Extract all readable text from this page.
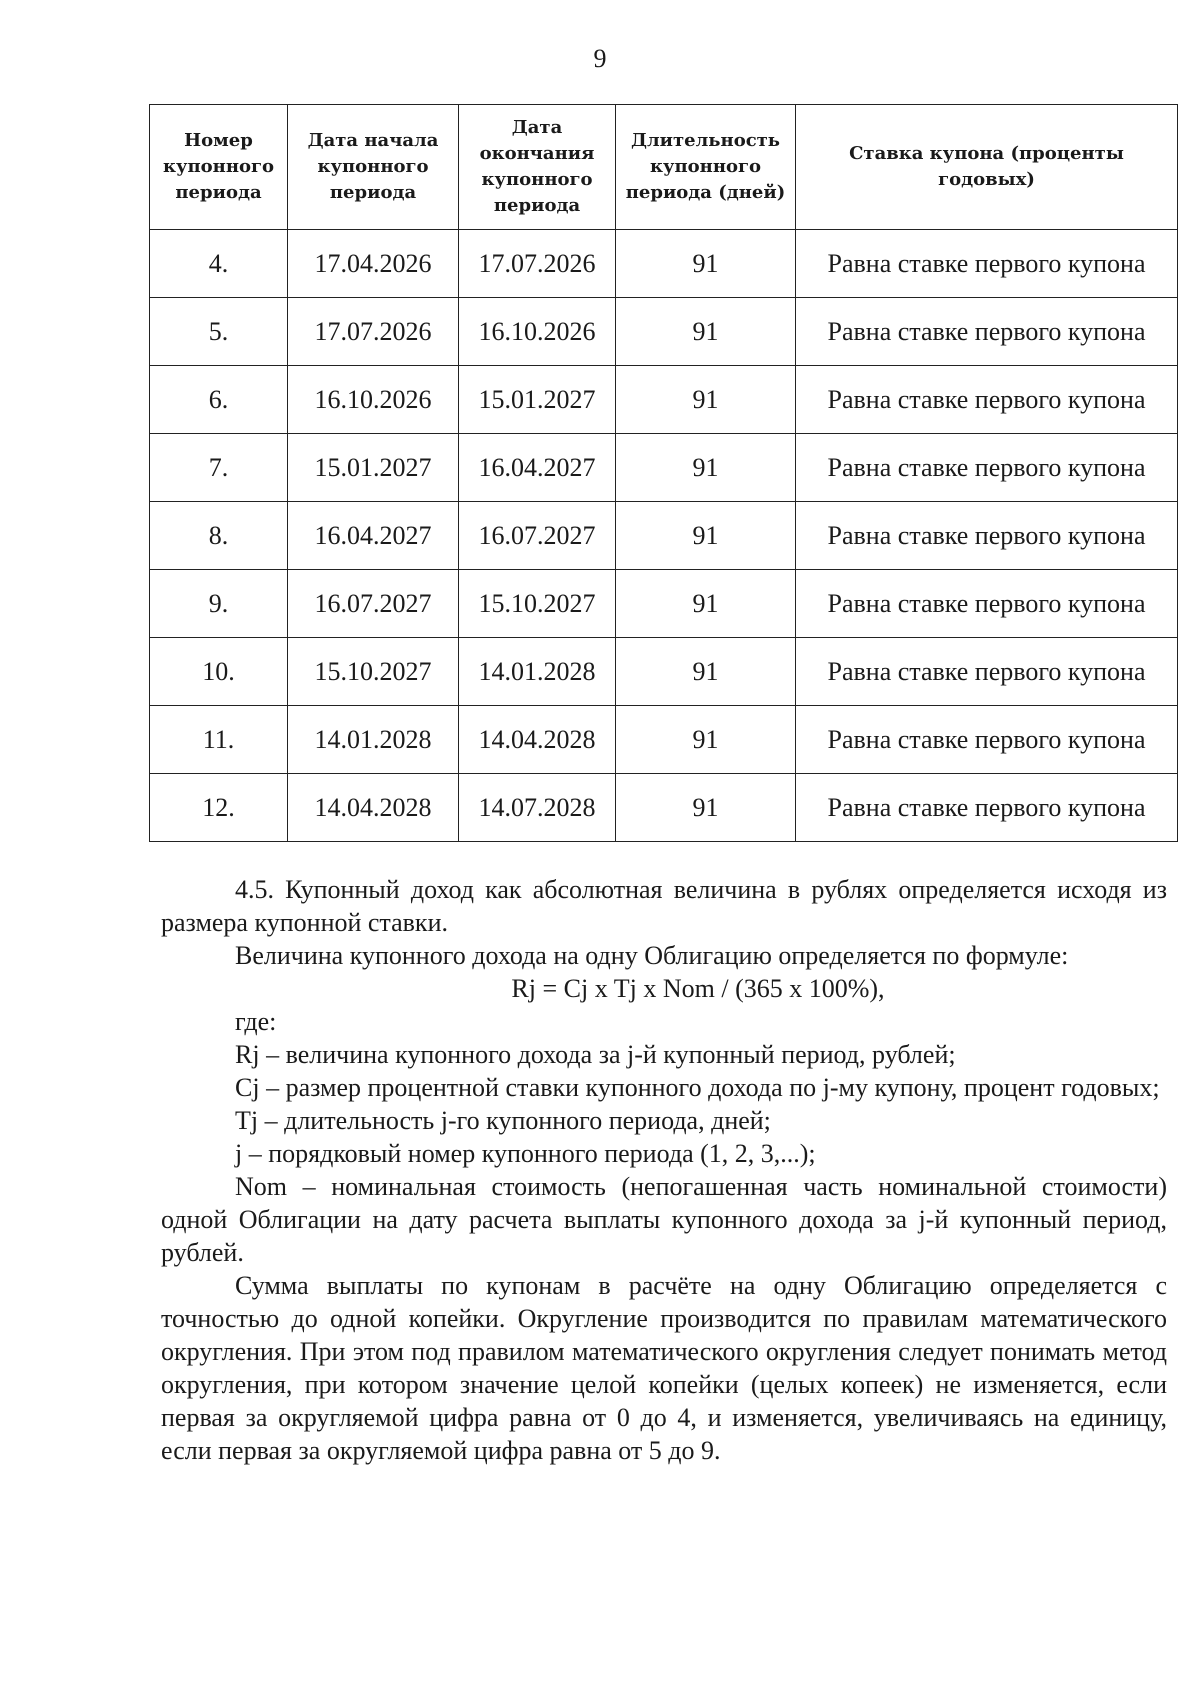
9
Номер купонного периода	Дата начала купонного периода	Дата окончания купонного периода	Длительность купонного периода (дней)	Ставка купона (проценты годовых)
4.	17.04.2026	17.07.2026	91	Равна ставке первого купона
5.	17.07.2026	16.10.2026	91	Равна ставке первого купона
6.	16.10.2026	15.01.2027	91	Равна ставке первого купона
7.	15.01.2027	16.04.2027	91	Равна ставке первого купона
8.	16.04.2027	16.07.2027	91	Равна ставке первого купона
9.	16.07.2027	15.10.2027	91	Равна ставке первого купона
10.	15.10.2027	14.01.2028	91	Равна ставке первого купона
11.	14.01.2028	14.04.2028	91	Равна ставке первого купона
12.	14.04.2028	14.07.2028	91	Равна ставке первого купона

4.5. Купонный доход как абсолютная величина в рублях определяется исходя из размера купонной ставки.

Величина купонного дохода на одну Облигацию определяется по формуле:

Rj = Cj x Tj x Nom / (365 x 100%),

где:

Rj – величина купонного дохода за j-й купонный период, рублей;

Cj – размер процентной ставки купонного дохода по j-му купону, процент годовых;

Tj – длительность j-го купонного периода, дней;

j – порядковый номер купонного периода (1, 2, 3,...);

Nom – номинальная стоимость (непогашенная часть номинальной стоимости) одной Облигации на дату расчета выплаты купонного дохода за j-й купонный период, рублей.

Сумма выплаты по купонам в расчёте на одну Облигацию определяется с точностью до одной копейки. Округление производится по правилам математического округления. При этом под правилом математического округления следует понимать метод округления, при котором значение целой копейки (целых копеек) не изменяется, если первая за округляемой цифра равна от 0 до 4, и изменяется, увеличиваясь на единицу, если первая за округляемой цифра равна от 5 до 9.
